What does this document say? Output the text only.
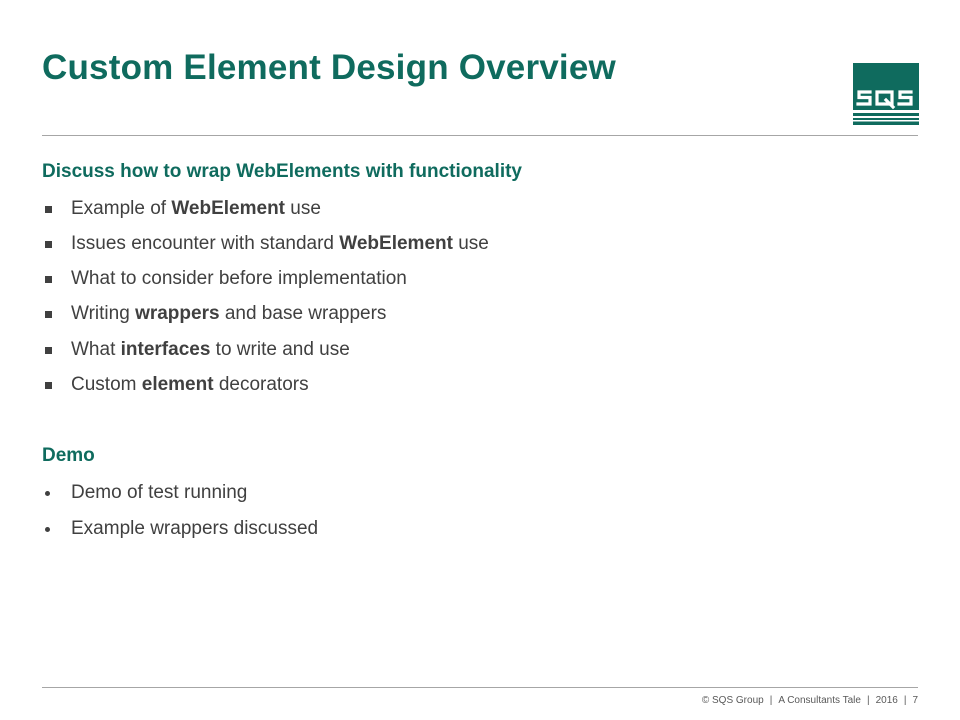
Custom Element Design Overview
Discuss how to wrap WebElements with functionality
Example of WebElement use
Issues encounter with standard WebElement use
What to consider before implementation
Writing wrappers and base wrappers
What interfaces to write and use
Custom element decorators
Demo
Demo of test running
Example wrappers discussed
© SQS Group | A Consultants Tale | 2016 | 7
